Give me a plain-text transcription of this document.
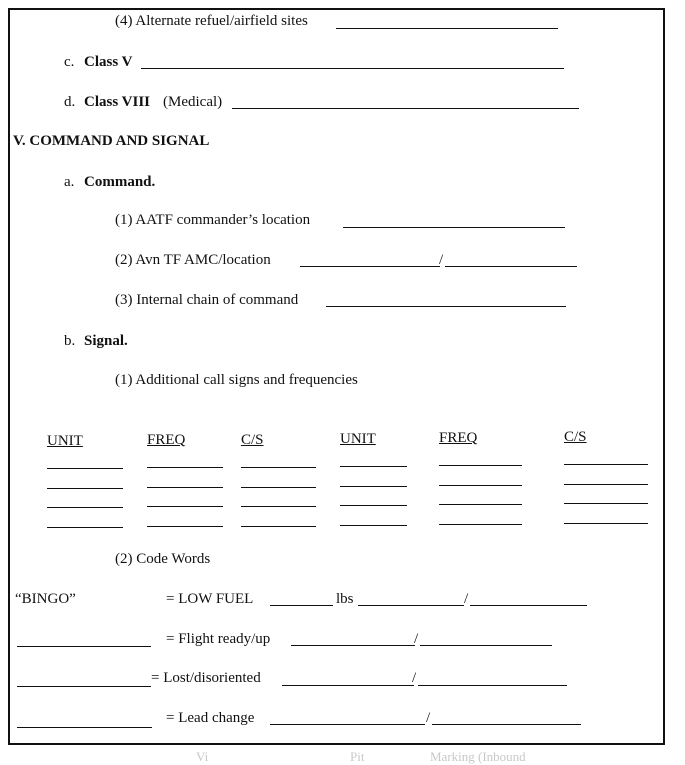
(4) Alternate refuel/airfield sites
c. Class V
d. Class VIII (Medical)
V. COMMAND AND SIGNAL
a. Command.
(1) AATF commander’s location
(2) Avn TF AMC/location	/
(3) Internal chain of command
b. Signal.
(1) Additional call signs and frequencies
UNIT	FREQ	C/S	UNIT	FREQ	C/S
(2) Code Words
“BINGO”	= LOW FUEL	lbs	/
= Flight ready/up	/
= Lost/disoriented	/
= Lead change	/
Marking (Inbound
Pit
Vi
